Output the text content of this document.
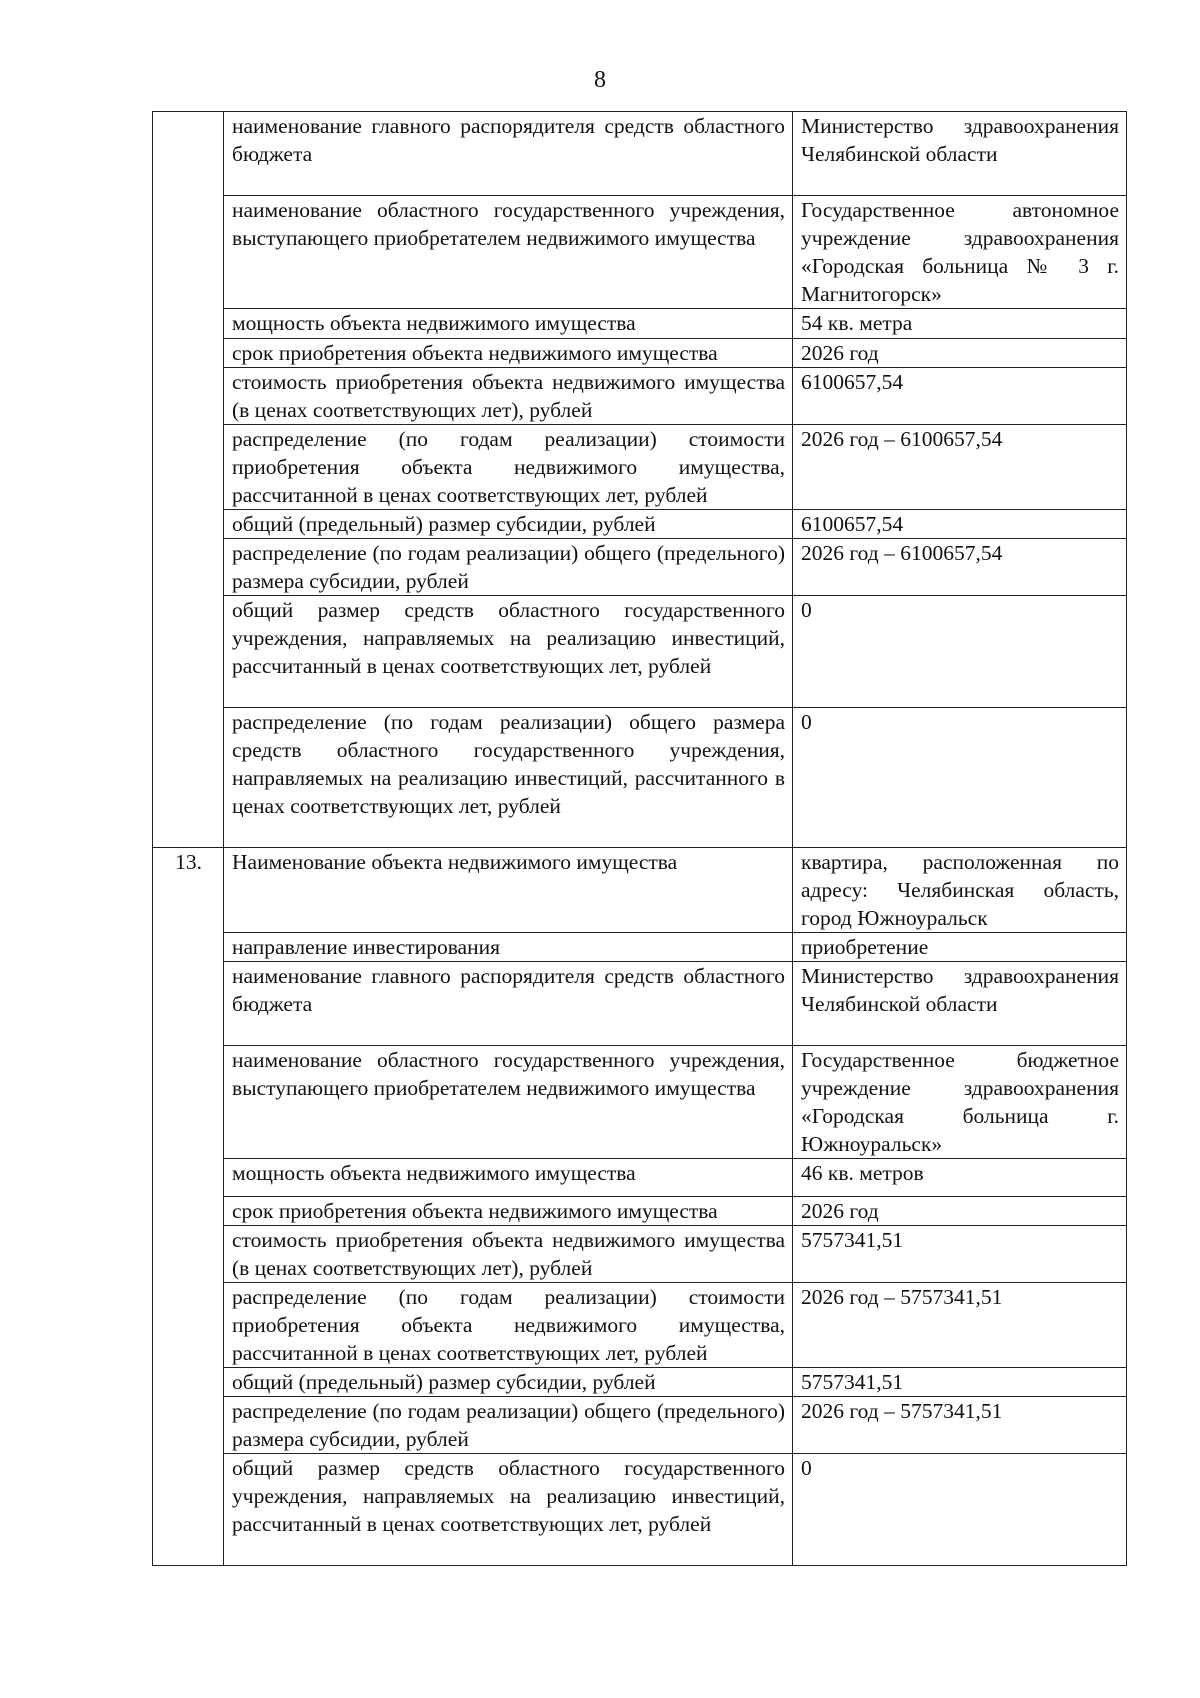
8
	наименование главного распорядителя средств областного бюджета	Министерство здравоохранения Челябинской области
	наименование областного государственного учреждения, выступающего приобретателем недвижимого имущества	Государственное автономное учреждение здравоохранения «Городская больница № 3 г. Магнитогорск»
	мощность объекта недвижимого имущества	54 кв. метра
	срок приобретения объекта недвижимого имущества	2026 год
	стоимость приобретения объекта недвижимого имущества (в ценах соответствующих лет), рублей	6100657,54
	распределение (по годам реализации) стоимости приобретения объекта недвижимого имущества, рассчитанной в ценах соответствующих лет, рублей	2026 год – 6100657,54
	общий (предельный) размер субсидии, рублей	6100657,54
	распределение (по годам реализации) общего (предельного) размера субсидии, рублей	2026 год – 6100657,54
	общий размер средств областного государственного учреждения, направляемых на реализацию инвестиций, рассчитанный в ценах соответствующих лет, рублей	0
	распределение (по годам реализации) общего размера средств областного государственного учреждения, направляемых на реализацию инвестиций, рассчитанного в ценах соответствующих лет, рублей	0
13.	Наименование объекта недвижимого имущества	квартира, расположенная по адресу: Челябинская область, город Южноуральск
	направление инвестирования	приобретение
	наименование главного распорядителя средств областного бюджета	Министерство здравоохранения Челябинской области
	наименование областного государственного учреждения, выступающего приобретателем недвижимого имущества	Государственное бюджетное учреждение здравоохранения «Городская больница г. Южноуральск»
	мощность объекта недвижимого имущества	46 кв. метров
	срок приобретения объекта недвижимого имущества	2026 год
	стоимость приобретения объекта недвижимого имущества (в ценах соответствующих лет), рублей	5757341,51
	распределение (по годам реализации) стоимости приобретения объекта недвижимого имущества, рассчитанной в ценах соответствующих лет, рублей	2026 год – 5757341,51
	общий (предельный) размер субсидии, рублей	5757341,51
	распределение (по годам реализации) общего (предельного) размера субсидии, рублей	2026 год – 5757341,51
	общий размер средств областного государственного учреждения, направляемых на реализацию инвестиций, рассчитанный в ценах соответствующих лет, рублей	0
